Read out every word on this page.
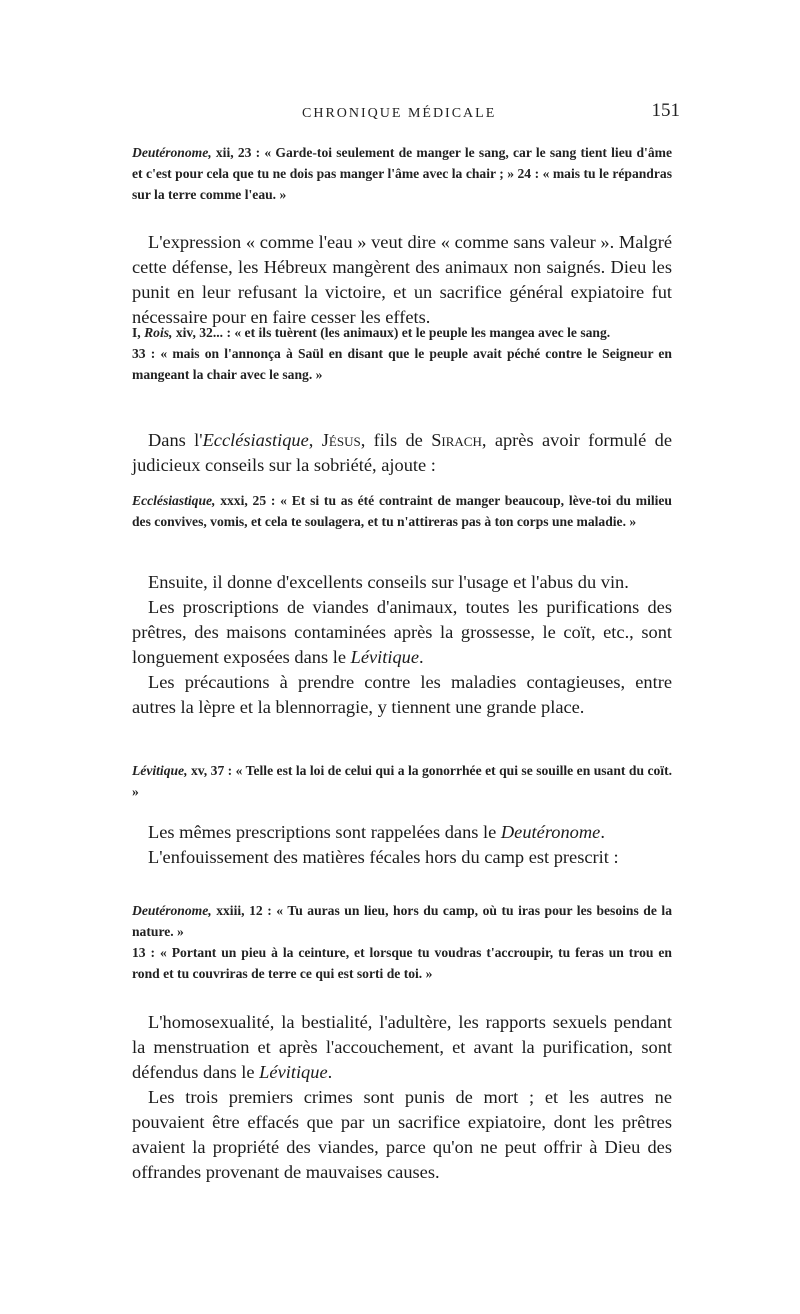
CHRONIQUE MÉDICALE	151
Deutéronome, xii, 23 : « Garde-toi seulement de manger le sang, car le sang tient lieu d'âme et c'est pour cela que tu ne dois pas manger l'âme avec la chair ; » 24 : « mais tu le répandras sur la terre comme l'eau. »
L'expression « comme l'eau » veut dire « comme sans valeur ». Malgré cette défense, les Hébreux mangèrent des animaux non saignés. Dieu les punit en leur refusant la victoire, et un sacrifice général expiatoire fut nécessaire pour en faire cesser les effets.
I, Rois, xiv, 32... : « et ils tuèrent (les animaux) et le peuple les mangea avec le sang.
33 : « mais on l'annonça à Saül en disant que le peuple avait péché contre le Seigneur en mangeant la chair avec le sang. »
Dans l'Ecclésiastique, Jésus, fils de Sirach, après avoir formulé de judicieux conseils sur la sobriété, ajoute :
Ecclésiastique, xxxi, 25 : « Et si tu as été contraint de manger beaucoup, lève-toi du milieu des convives, vomis, et cela te soulagera, et tu n'attireras pas à ton corps une maladie. »
Ensuite, il donne d'excellents conseils sur l'usage et l'abus du vin.
Les proscriptions de viandes d'animaux, toutes les purifications des prêtres, des maisons contaminées après la grossesse, le coït, etc., sont longuement exposées dans le Lévitique.
Les précautions à prendre contre les maladies contagieuses, entre autres la lèpre et la blennorragie, y tiennent une grande place.
Lévitique, xv, 37 : « Telle est la loi de celui qui a la gonorrhée et qui se souille en usant du coït. »
Les mêmes prescriptions sont rappelées dans le Deutéronome.
L'enfouissement des matières fécales hors du camp est prescrit :
Deutéronome, xxiii, 12 : « Tu auras un lieu, hors du camp, où tu iras pour les besoins de la nature. »
13 : « Portant un pieu à la ceinture, et lorsque tu voudras t'accroupir, tu feras un trou en rond et tu couvriras de terre ce qui est sorti de toi. »
L'homosexualité, la bestialité, l'adultère, les rapports sexuels pendant la menstruation et après l'accouchement, et avant la purification, sont défendus dans le Lévitique.
Les trois premiers crimes sont punis de mort ; et les autres ne pouvaient être effacés que par un sacrifice expiatoire, dont les prêtres avaient la propriété des viandes, parce qu'on ne peut offrir à Dieu des offrandes provenant de mauvaises causes.
